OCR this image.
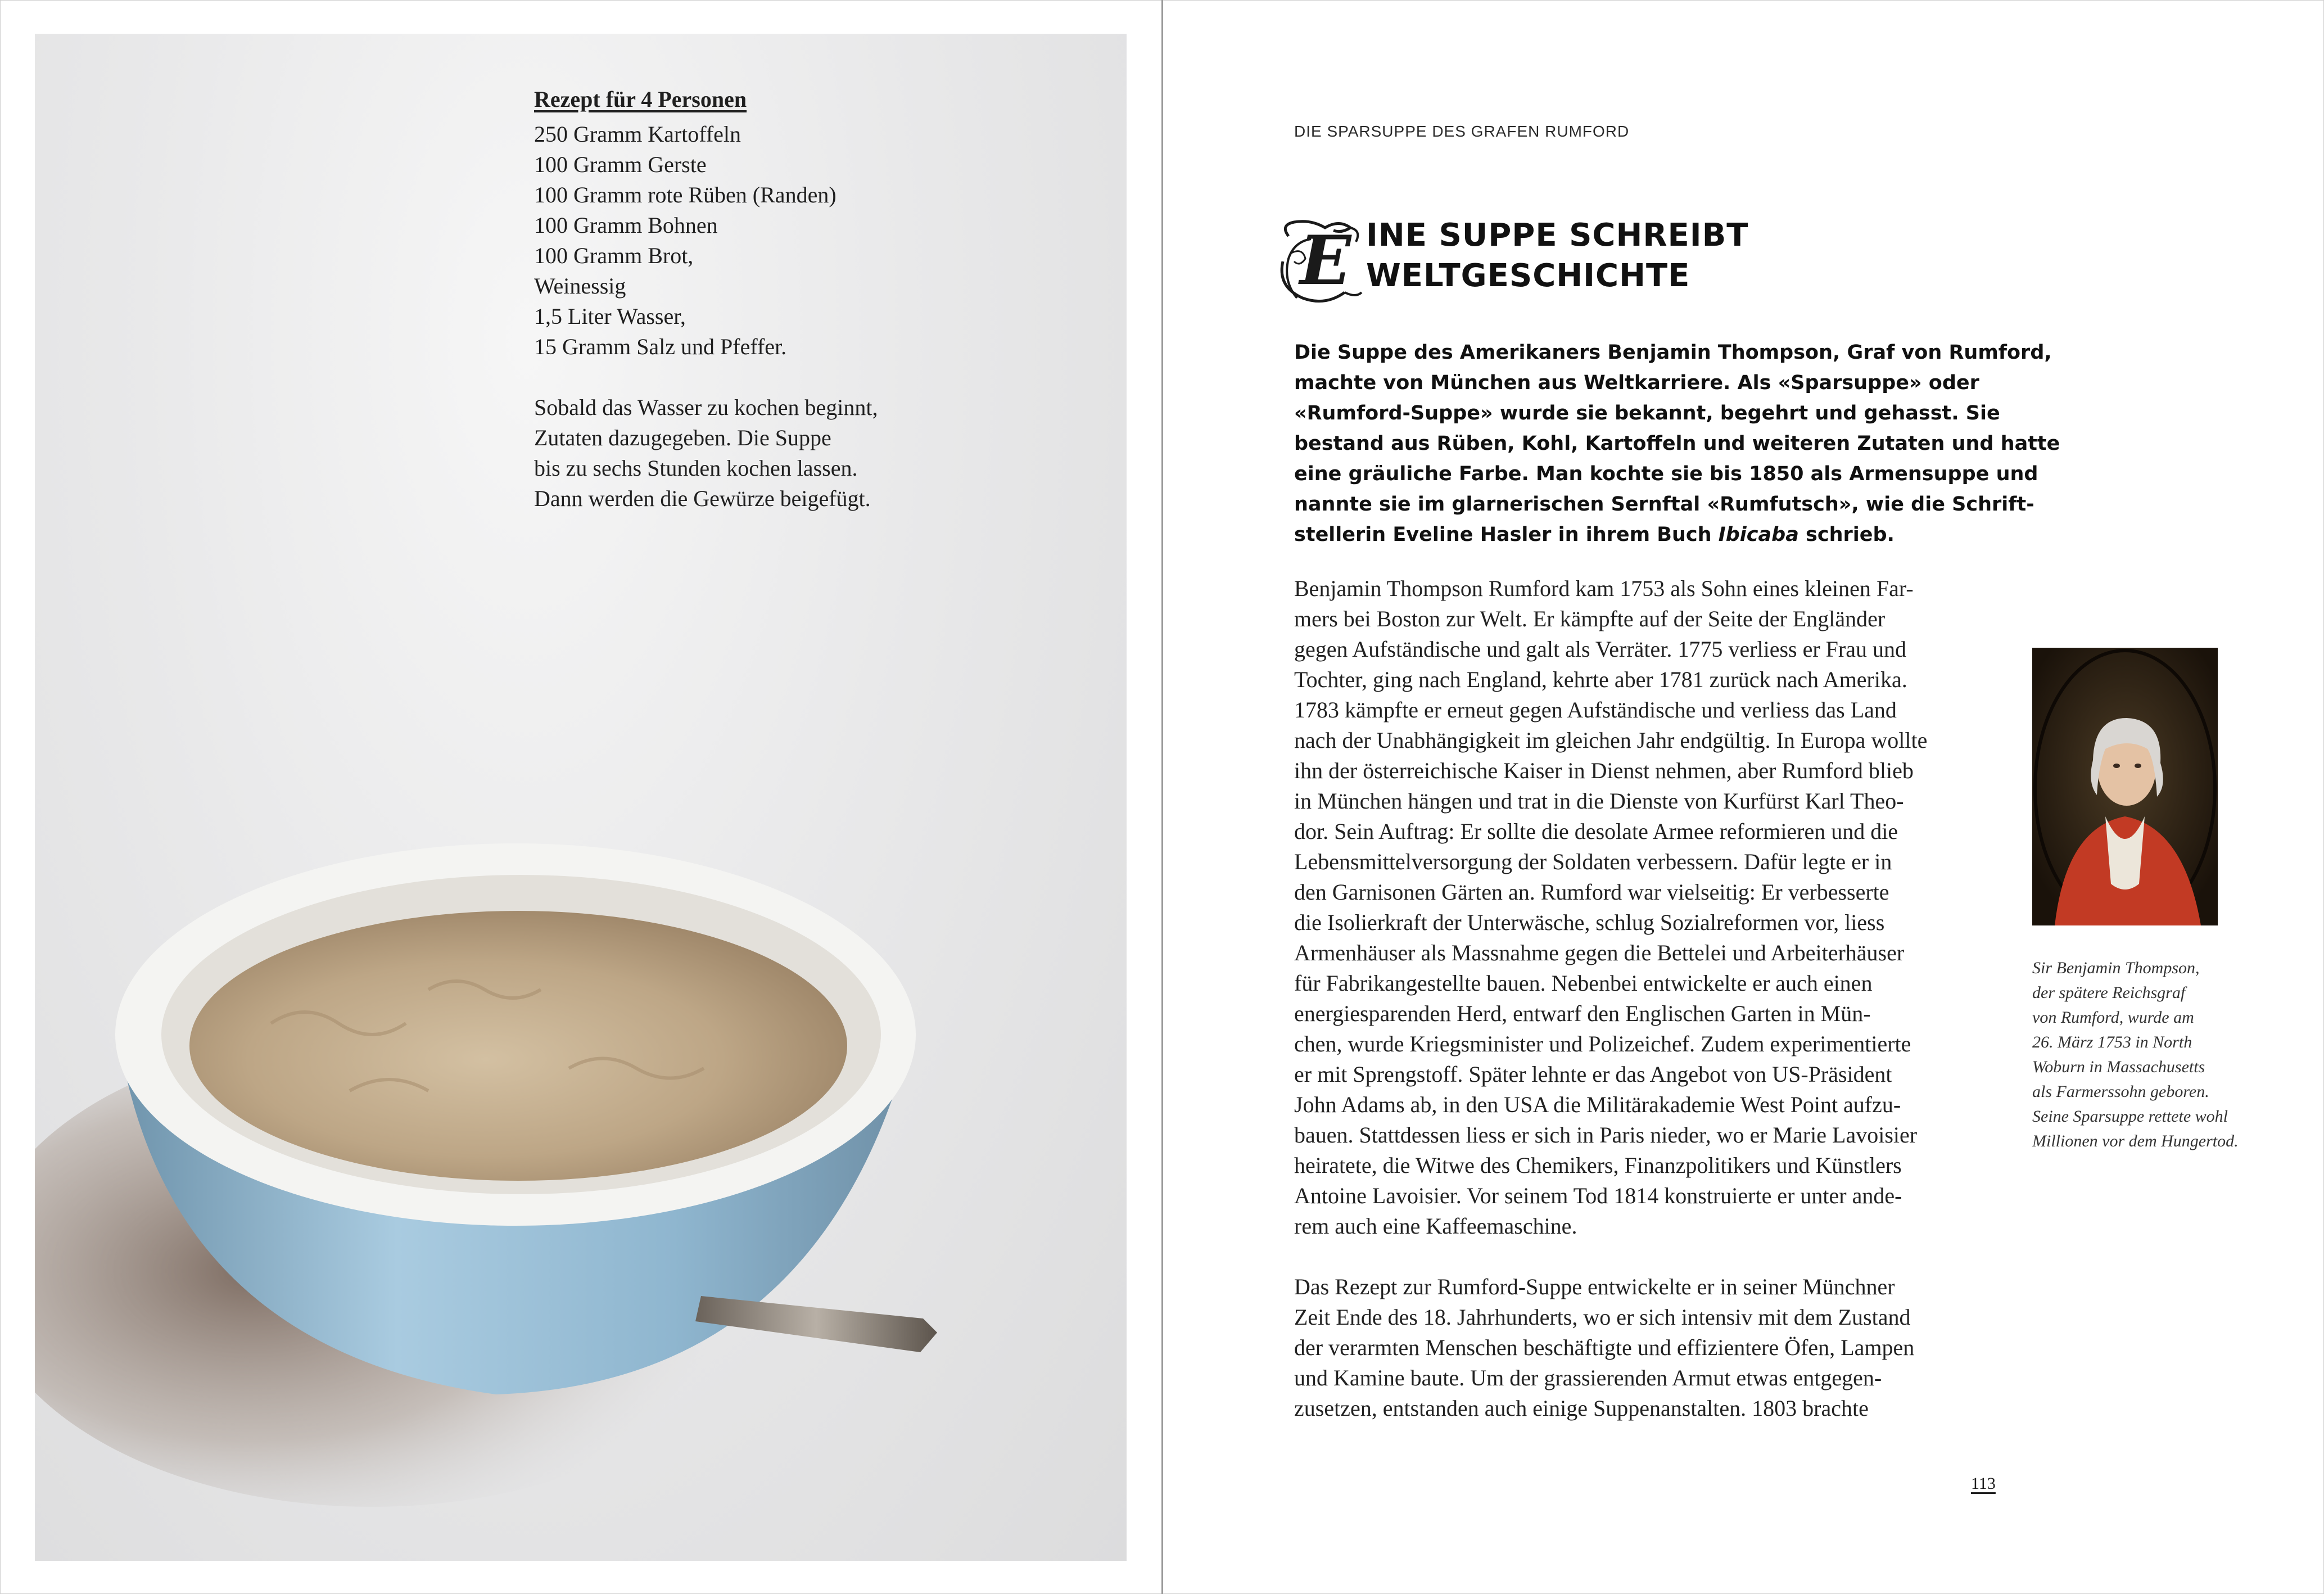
Rezept für 4 Personen
250 Gramm Kartoffeln
100 Gramm Gerste
100 Gramm rote Rüben (Randen)
100 Gramm Bohnen
100 Gramm Brot,
Weinessig
1,5 Liter Wasser,
15 Gramm Salz und Pfeffer.
Sobald das Wasser zu kochen beginnt,
Zutaten dazugegeben. Die Suppe
bis zu sechs Stunden kochen lassen.
Dann werden die Gewürze beigefügt.
DIE SPARSUPPE DES GRAFEN RUMFORD
E INE SUPPE SCHREIBT
WELTGESCHICHTE
Die Suppe des Amerikaners Benjamin Thompson, Graf von Rumford,
machte von München aus Weltkarriere. Als «Sparsuppe» oder
«Rumford-Suppe» wurde sie bekannt, begehrt und gehasst. Sie
bestand aus Rüben, Kohl, Kartoffeln und weiteren Zutaten und hatte
eine gräuliche Farbe. Man kochte sie bis 1850 als Armensuppe und
nannte sie im glarnerischen Sernftal «Rumfutsch», wie die Schrift-
stellerin Eveline Hasler in ihrem Buch Ibicaba schrieb.
Benjamin Thompson Rumford kam 1753 als Sohn eines kleinen Far-
mers bei Boston zur Welt. Er kämpfte auf der Seite der Engländer
gegen Aufständische und galt als Verräter. 1775 verliess er Frau und
Tochter, ging nach England, kehrte aber 1781 zurück nach Amerika.
1783 kämpfte er erneut gegen Aufständische und verliess das Land
nach der Unabhängigkeit im gleichen Jahr endgültig. In Europa wollte
ihn der österreichische Kaiser in Dienst nehmen, aber Rumford blieb
in München hängen und trat in die Dienste von Kurfürst Karl Theo-
dor. Sein Auftrag: Er sollte die desolate Armee reformieren und die
Lebensmittelversorgung der Soldaten verbessern. Dafür legte er in
den Garnisonen Gärten an. Rumford war vielseitig: Er verbesserte
die Isolierkraft der Unterwäsche, schlug Sozialreformen vor, liess
Armenhäuser als Massnahme gegen die Bettelei und Arbeiterhäuser
für Fabrikangestellte bauen. Nebenbei entwickelte er auch einen
energiesparenden Herd, entwarf den Englischen Garten in Mün-
chen, wurde Kriegsminister und Polizeichef. Zudem experimentierte
er mit Sprengstoff. Später lehnte er das Angebot von US-Präsident
John Adams ab, in den USA die Militärakademie West Point aufzu-
bauen. Stattdessen liess er sich in Paris nieder, wo er Marie Lavoisier
heiratete, die Witwe des Chemikers, Finanzpolitikers und Künstlers
Antoine Lavoisier. Vor seinem Tod 1814 konstruierte er unter ande-
rem auch eine Kaffeemaschine.
Das Rezept zur Rumford-Suppe entwickelte er in seiner Münchner
Zeit Ende des 18. Jahrhunderts, wo er sich intensiv mit dem Zustand
der verarmten Menschen beschäftigte und effizientere Öfen, Lampen
und Kamine baute. Um der grassierenden Armut etwas entgegen-
zusetzen, entstanden auch einige Suppenanstalten. 1803 brachte
Sir Benjamin Thompson,
der spätere Reichsgraf
von Rumford, wurde am
26. März 1753 in North
Woburn in Massachusetts
als Farmerssohn geboren.
Seine Sparsuppe rettete wohl
Millionen vor dem Hungertod.
113
